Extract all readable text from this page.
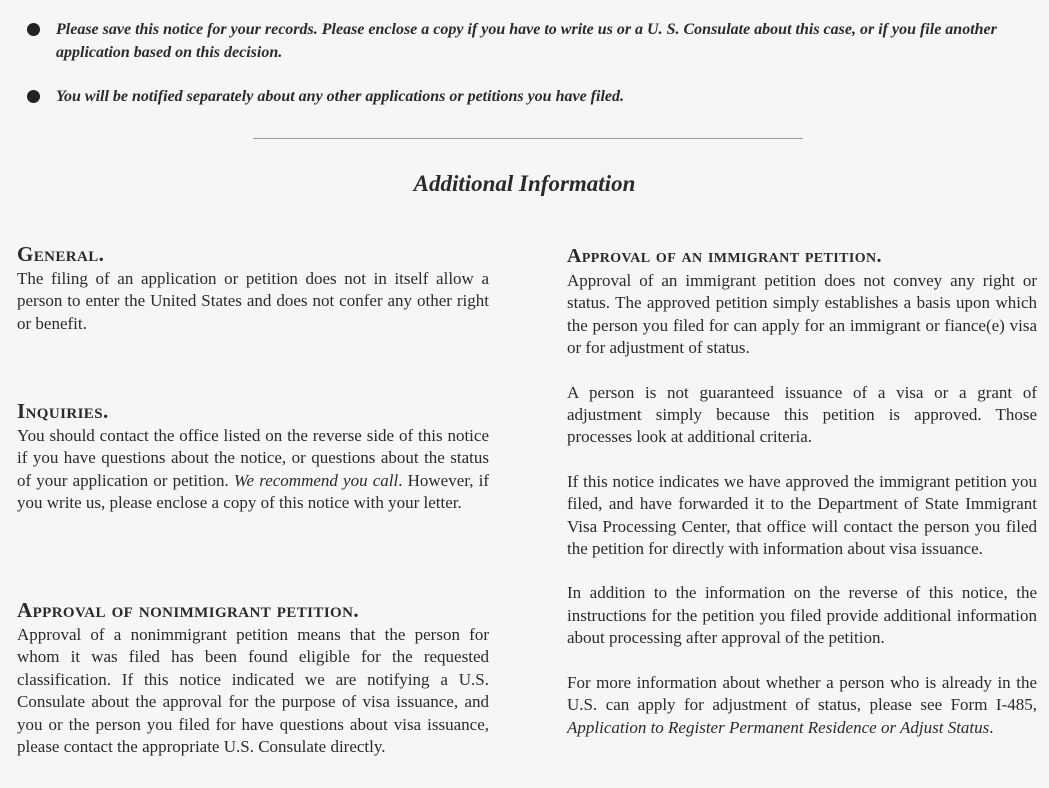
Please save this notice for your records. Please enclose a copy if you have to write us or a U. S. Consulate about this case, or if you file another application based on this decision.
You will be notified separately about any other applications or petitions you have filed.
Additional Information
General.

The filing of an application or petition does not in itself allow a person to enter the United States and does not confer any other right or benefit.

Inquiries.

You should contact the office listed on the reverse side of this notice if you have questions about the notice, or questions about the status of your application or petition. We recommend you call. However, if you write us, please enclose a copy of this notice with your letter.

Approval of nonimmigrant petition.

Approval of a nonimmigrant petition means that the person for whom it was filed has been found eligible for the requested classification. If this notice indicated we are notifying a U.S. Consulate about the approval for the purpose of visa issuance, and you or the person you filed for have questions about visa issuance, please contact the appropriate U.S. Consulate directly.

Approval of an immigrant petition.

Approval of an immigrant petition does not convey any right or status. The approved petition simply establishes a basis upon which the person you filed for can apply for an immigrant or fiance(e) visa or for adjustment of status.

A person is not guaranteed issuance of a visa or a grant of adjustment simply because this petition is approved. Those processes look at additional criteria.

If this notice indicates we have approved the immigrant petition you filed, and have forwarded it to the Department of State Immigrant Visa Processing Center, that office will contact the person you filed the petition for directly with information about visa issuance.

In addition to the information on the reverse of this notice, the instructions for the petition you filed provide additional information about processing after approval of the petition.

For more information about whether a person who is already in the U.S. can apply for adjustment of status, please see Form I-485, Application to Register Permanent Residence or Adjust Status.
